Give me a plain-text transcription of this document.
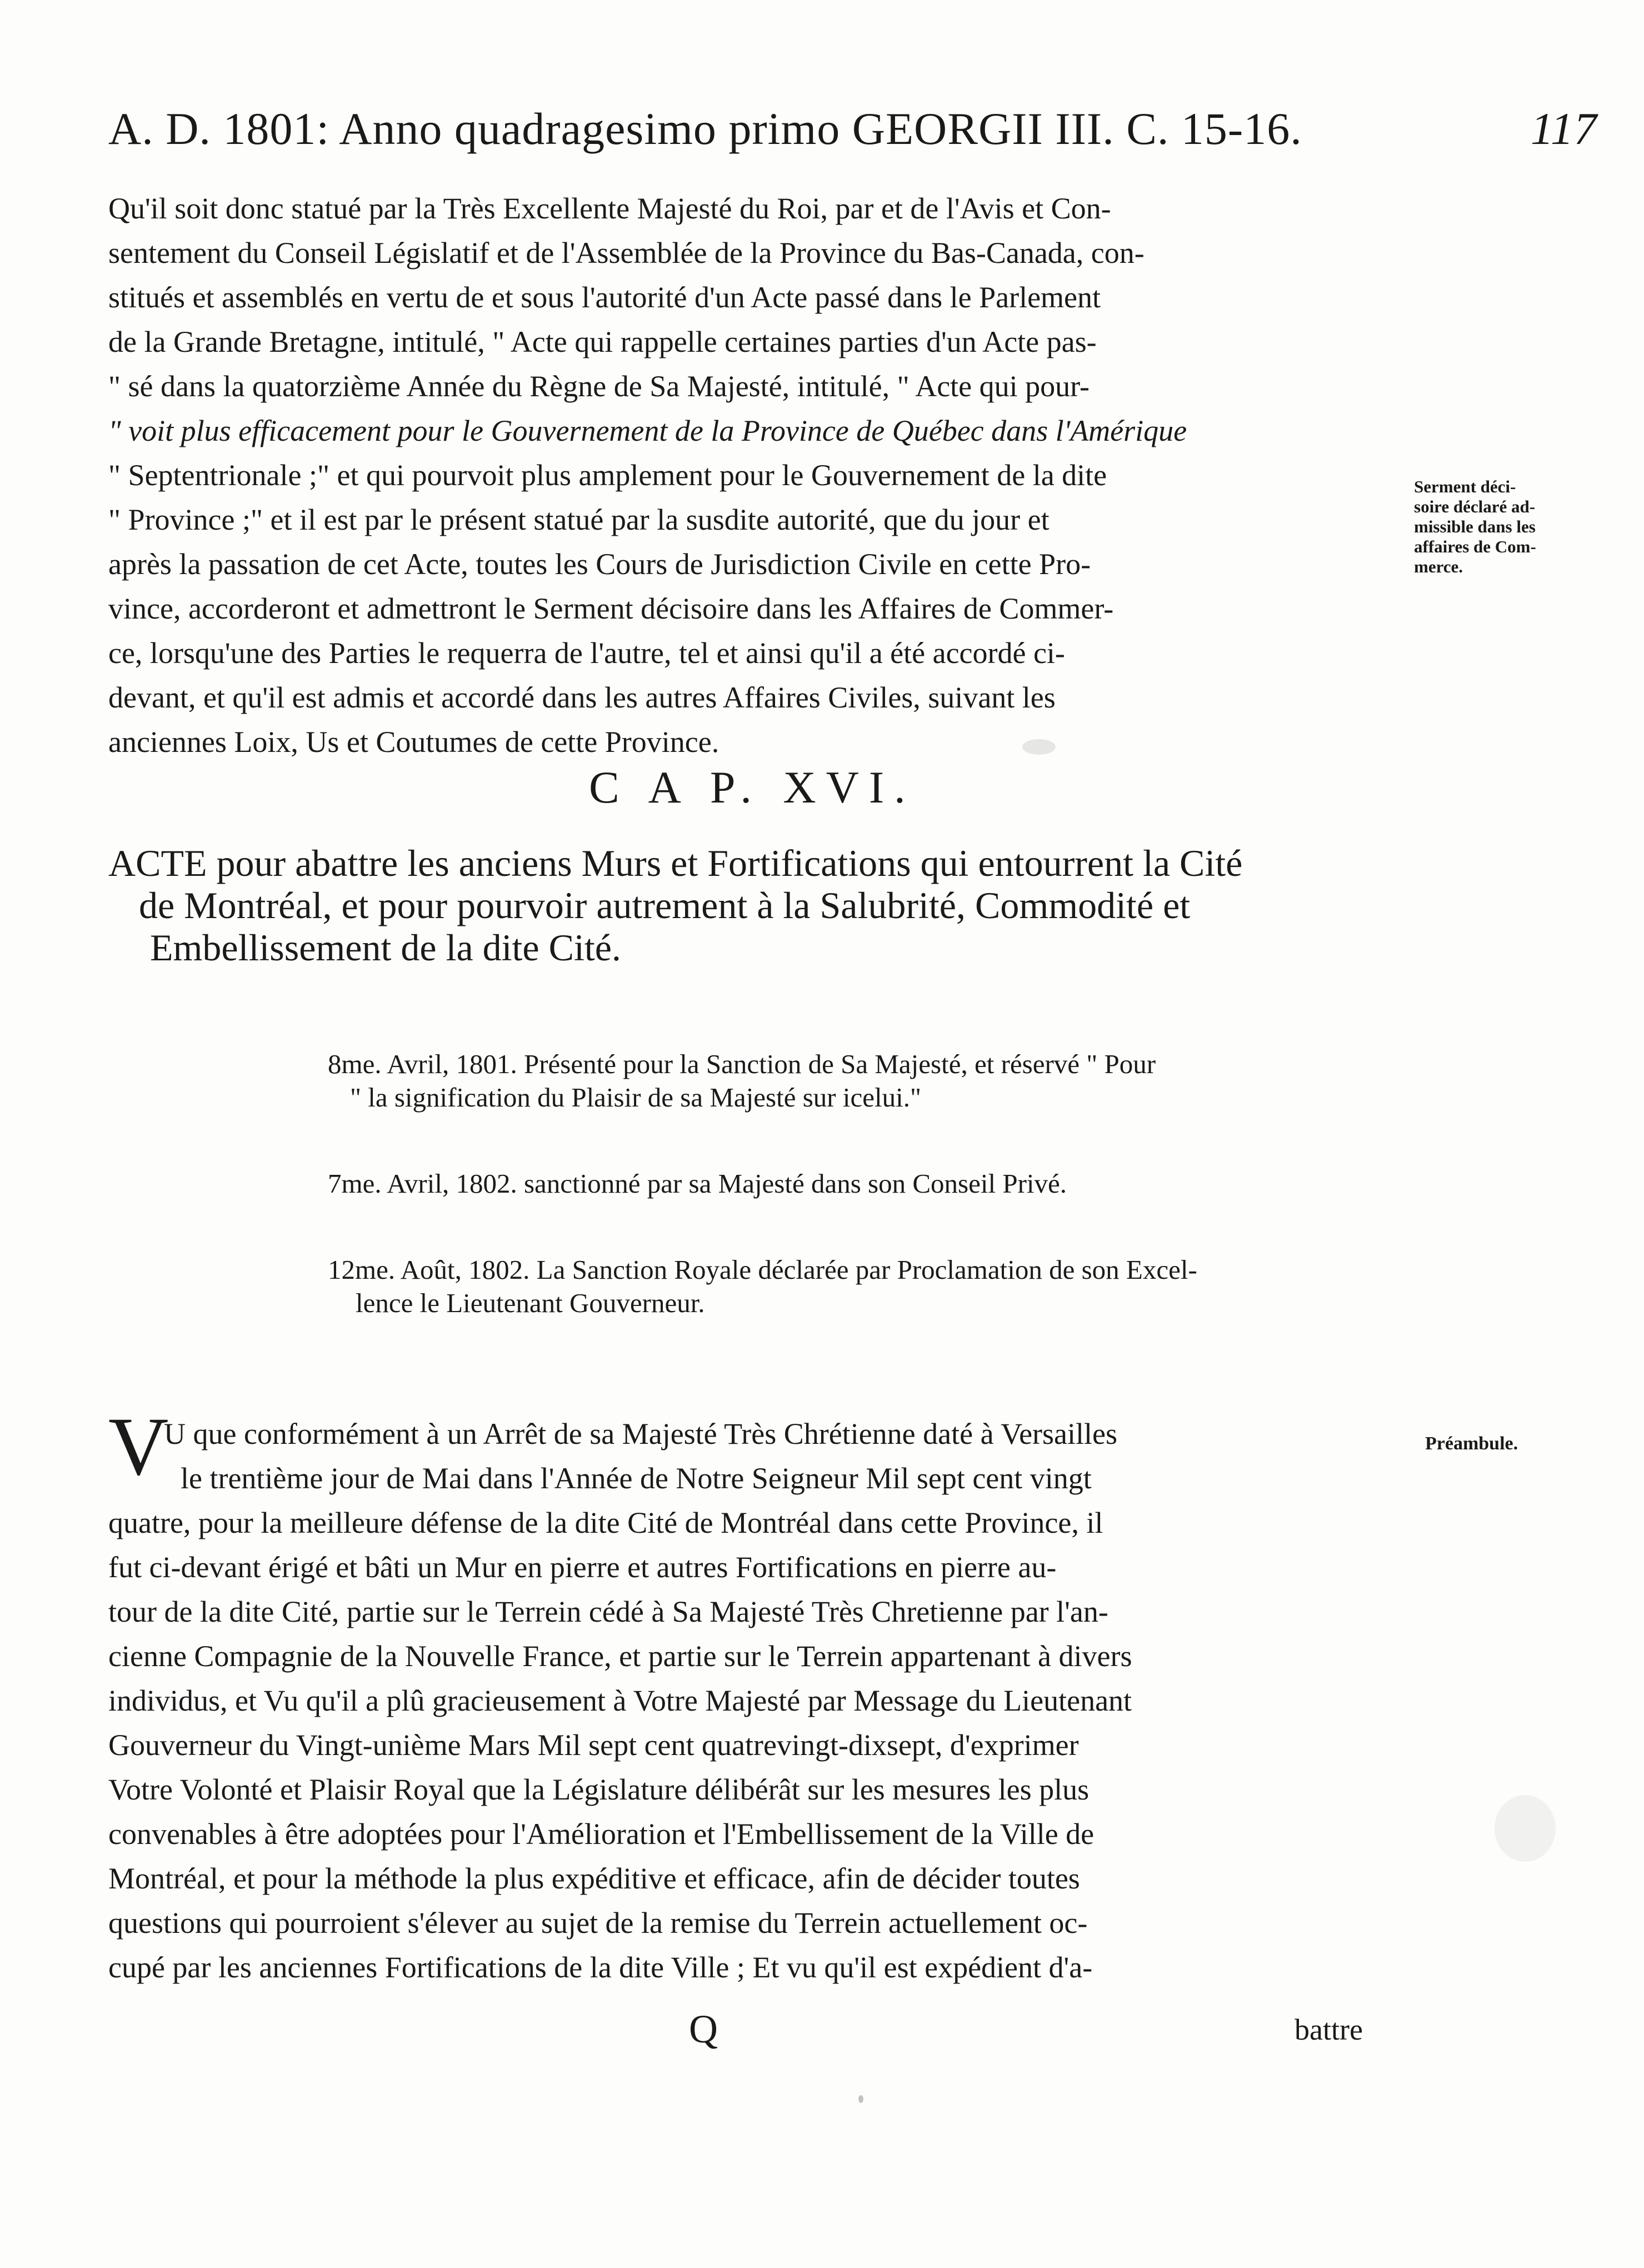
A. D. 1801: Anno quadragesimo primo GEORGII III. C. 15-16.	117
Qu'il soit donc statué par la Très Excellente Majesté du Roi, par et de l'Avis et Con-
sentement du Conseil Législatif et de l'Assemblée de la Province du Bas-Canada, con-
stitués et assemblés en vertu de et sous l'autorité d'un Acte passé dans le Parlement
de la Grande Bretagne, intitulé, " Acte qui rappelle certaines parties d'un Acte pas-
" sé dans la quatorzième Année du Règne de Sa Majesté, intitulé, " Acte qui pour-
" voit plus efficacement pour le Gouvernement de la Province de Québec dans l'Amérique
" Septentrionale ;" et qui pourvoit plus amplement pour le Gouvernement de la dite
" Province ;" et il est par le présent statué par la susdite autorité, que du jour et
après la passation de cet Acte, toutes les Cours de Jurisdiction Civile en cette Pro-
vince, accorderont et admettront le Serment décisoire dans les Affaires de Commer-
ce, lorsqu'une des Parties le requerra de l'autre, tel et ainsi qu'il a été accordé ci-
devant, et qu'il est admis et accordé dans les autres Affaires Civiles, suivant les
anciennes Loix, Us et Coutumes de cette Province.
Serment déci-
soire déclaré ad-
missible dans les
affaires de Com-
merce.
C A P. XVI.
ACTE pour abattre les anciens Murs et Fortifications qui entourrent la Cité
de Montréal, et pour pourvoir autrement à la Salubrité, Commodité et
Embellissement de la dite Cité.
8me. Avril, 1801. Présenté pour la Sanction de Sa Majesté, et réservé " Pour
" la signification du Plaisir de sa Majesté sur icelui."
7me. Avril, 1802. sanctionné par sa Majesté dans son Conseil Privé.
12me. Août, 1802. La Sanction Royale déclarée par Proclamation de son Excel-
lence le Lieutenant Gouverneur.
Préambule.
V
U que conformément à un Arrêt de sa Majesté Très Chrétienne daté à Versailles
le trentième jour de Mai dans l'Année de Notre Seigneur Mil sept cent vingt
quatre, pour la meilleure défense de la dite Cité de Montréal dans cette Province, il
fut ci-devant érigé et bâti un Mur en pierre et autres Fortifications en pierre au-
tour de la dite Cité, partie sur le Terrein cédé à Sa Majesté Très Chretienne par l'an-
cienne Compagnie de la Nouvelle France, et partie sur le Terrein appartenant à divers
individus, et Vu qu'il a plû gracieusement à Votre Majesté par Message du Lieutenant
Gouverneur du Vingt-unième Mars Mil sept cent quatrevingt-dixsept, d'exprimer
Votre Volonté et Plaisir Royal que la Législature délibérât sur les mesures les plus
convenables à être adoptées pour l'Amélioration et l'Embellissement de la Ville de
Montréal, et pour la méthode la plus expéditive et efficace, afin de décider toutes
questions qui pourroient s'élever au sujet de la remise du Terrein actuellement oc-
cupé par les anciennes Fortifications de la dite Ville ; Et vu qu'il est expédient d'a-
Q	battre
